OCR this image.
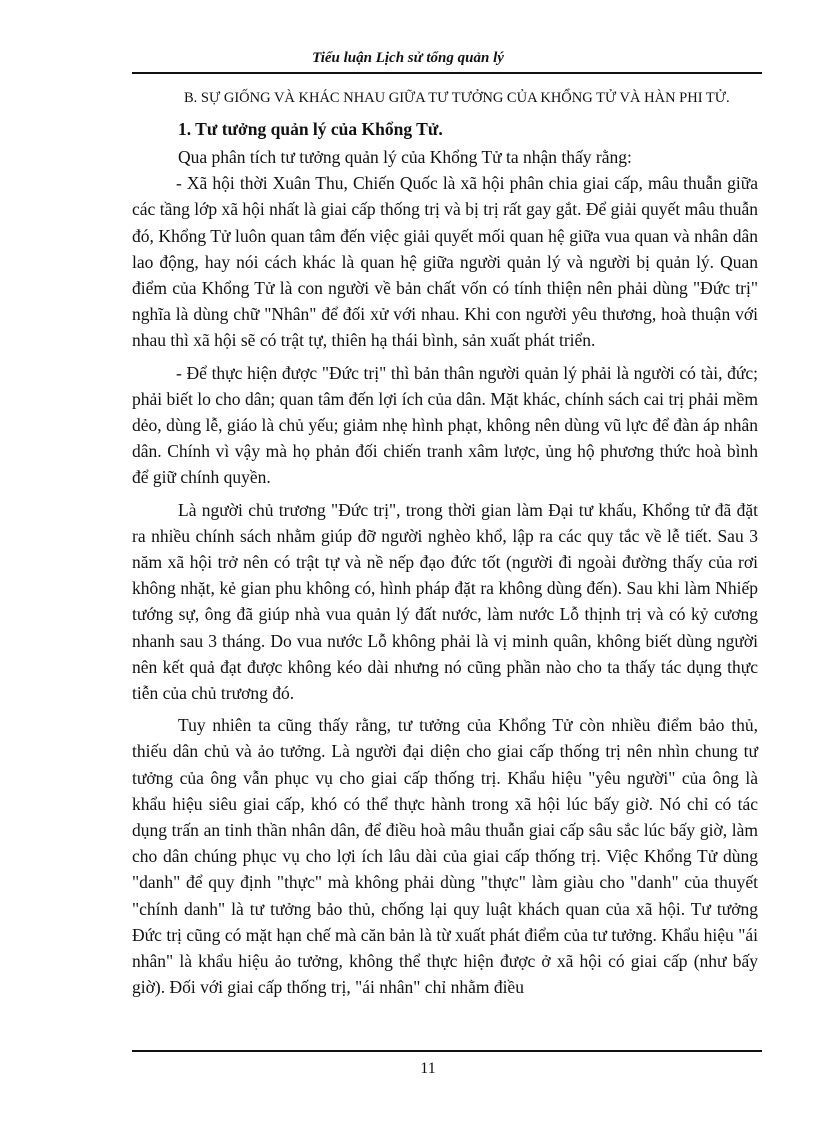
Tiểu luận Lịch sử tổng quản lý
B. SỰ GIỐNG VÀ KHÁC NHAU GIỮA TƯ TƯỞNG CỦA KHỔNG TỬ VÀ HÀN PHI TỬ.
1. Tư tưởng quản lý của Khổng Tử.

Qua phân tích tư tưởng quản lý của Khổng Tử ta nhận thấy rằng:

- Xã hội thời Xuân Thu, Chiến Quốc là xã hội phân chia giai cấp, mâu thuẫn giữa các tầng lớp xã hội nhất là giai cấp thống trị và bị trị rất gay gắt. Để giải quyết mâu thuẫn đó, Khổng Tử luôn quan tâm đến việc giải quyết mối quan hệ giữa vua quan và nhân dân lao động, hay nói cách khác là quan hệ giữa người quản lý và người bị quản lý. Quan điểm của Khổng Tử là con người về bản chất vốn có tính thiện nên phải dùng "Đức trị" nghĩa là dùng chữ "Nhân" để đối xử với nhau. Khi con người yêu thương, hoà thuận với nhau thì xã hội sẽ có trật tự, thiên hạ thái bình, sản xuất phát triển.

- Để thực hiện được "Đức trị" thì bản thân người quản lý phải là người có tài, đức; phải biết lo cho dân; quan tâm đến lợi ích của dân. Mặt khác, chính sách cai trị phải mềm dẻo, dùng lễ, giáo là chủ yếu; giảm nhẹ hình phạt, không nên dùng vũ lực để đàn áp nhân dân. Chính vì vậy mà họ phản đối chiến tranh xâm lược, ủng hộ phương thức hoà bình để giữ chính quyền.

Là người chủ trương "Đức trị", trong thời gian làm Đại tư khấu, Khổng tử đã đặt ra nhiều chính sách nhằm giúp đỡ người nghèo khổ, lập ra các quy tắc về lễ tiết. Sau 3 năm xã hội trở nên có trật tự và nề nếp đạo đức tốt (người đi ngoài đường thấy của rơi không nhặt, kẻ gian phu không có, hình pháp đặt ra không dùng đến). Sau khi làm Nhiếp tướng sự, ông đã giúp nhà vua quản lý đất nước, làm nước Lỗ thịnh trị và có kỷ cương nhanh sau 3 tháng. Do vua nước Lỗ không phải là vị minh quân, không biết dùng người nên kết quả đạt được không kéo dài nhưng nó cũng phần nào cho ta thấy tác dụng thực tiễn của chủ trương đó.

Tuy nhiên ta cũng thấy rằng, tư tưởng của Khổng Tử còn nhiều điểm bảo thủ, thiếu dân chủ và ảo tưởng. Là người đại diện cho giai cấp thống trị nên nhìn chung tư tưởng của ông vẫn phục vụ cho giai cấp thống trị. Khẩu hiệu "yêu người" của ông là khẩu hiệu siêu giai cấp, khó có thể thực hành trong xã hội lúc bấy giờ. Nó chỉ có tác dụng trấn an tinh thần nhân dân, để điều hoà mâu thuẫn giai cấp sâu sắc lúc bấy giờ, làm cho dân chúng phục vụ cho lợi ích lâu dài của giai cấp thống trị. Việc Khổng Tử dùng "danh" để quy định "thực" mà không phải dùng "thực" làm giàu cho "danh" của thuyết "chính danh" là tư tưởng bảo thủ, chống lại quy luật khách quan của xã hội. Tư tưởng Đức trị cũng có mặt hạn chế mà căn bản là từ xuất phát điểm của tư tưởng. Khẩu hiệu "ái nhân" là khẩu hiệu ảo tưởng, không thể thực hiện được ở xã hội có giai cấp (như bấy giờ). Đối với giai cấp thống trị, "ái nhân" chỉ nhằm điều

11
